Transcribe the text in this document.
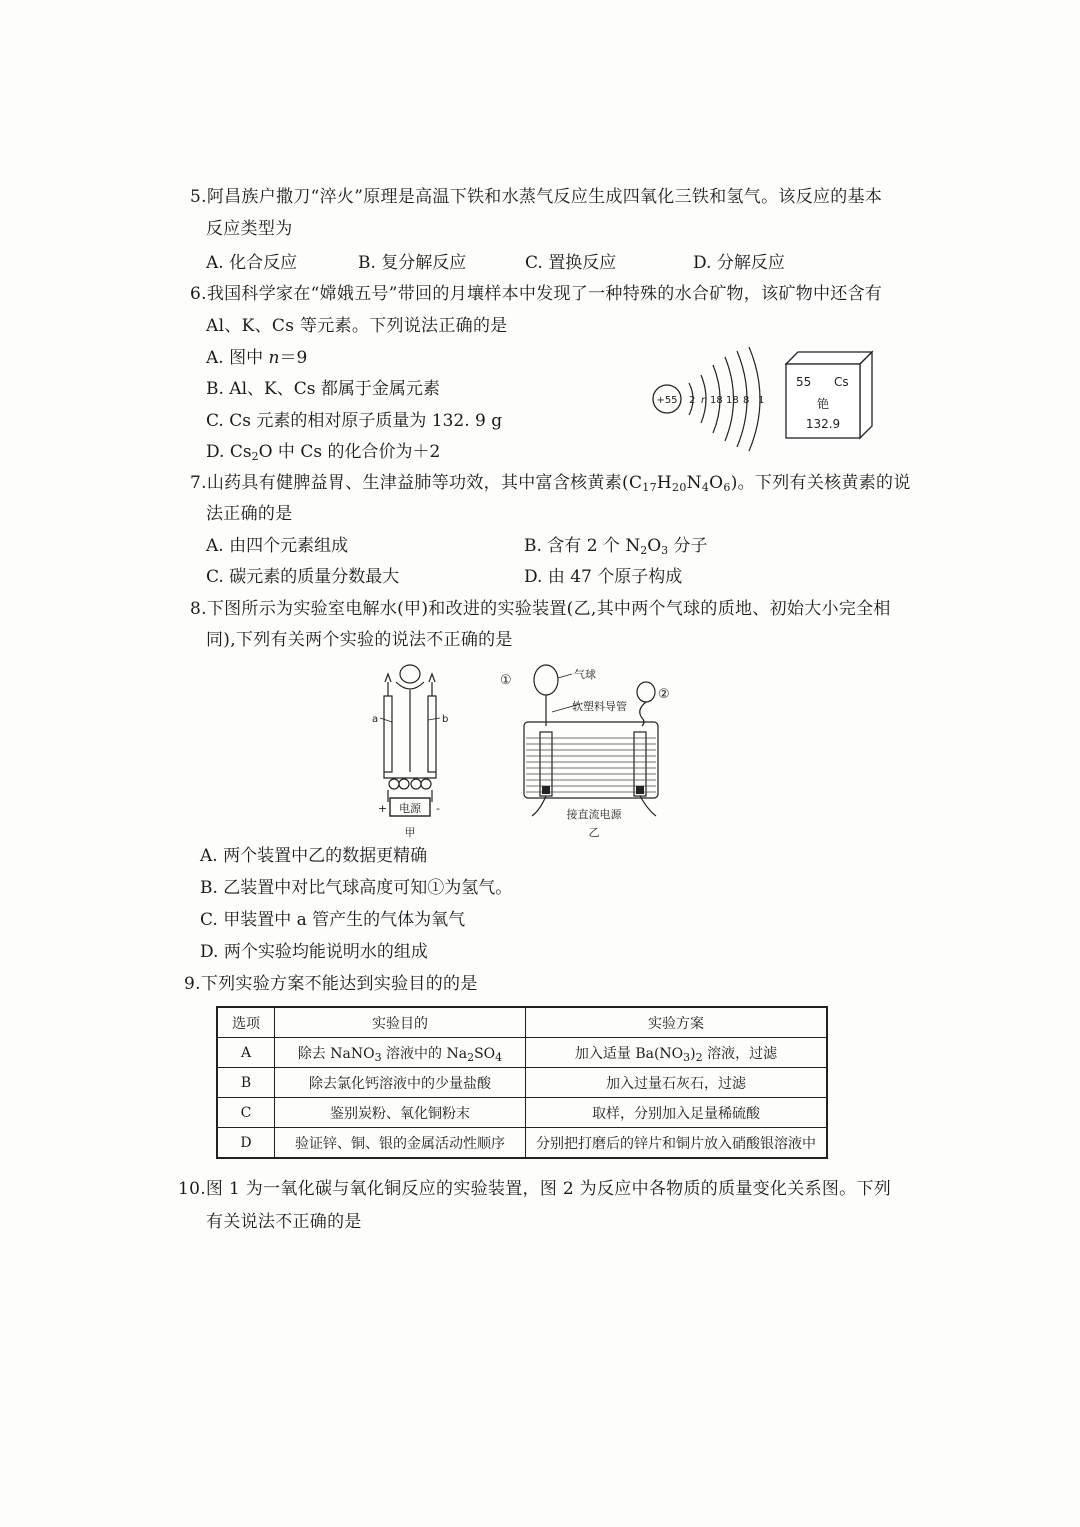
5.阿昌族户撒刀“淬火”原理是高温下铁和水蒸气反应生成四氧化三铁和氢气。该反应的基本
反应类型为
A. 化合反应	B. 复分解反应	C. 置换反应	D. 分解反应
6.我国科学家在“嫦娥五号”带回的月壤样本中发现了一种特殊的水合矿物，该矿物中还含有
Al、K、Cs 等元素。下列说法正确的是
A. 图中 n＝9
B. Al、K、Cs 都属于金属元素
C. Cs 元素的相对原子质量为 132. 9 g
D. $Cs_2O$ 中 Cs 的化合价为＋2
+55 2 n 18 18 8 1
55 Cs
铯
132.9
7.山药具有健脾益胃、生津益肺等功效，其中富含核黄素$(C_{17}H_{20}N_4O_6)$。下列有关核黄素的说
法正确的是
A. 由四个元素组成	B. 含有 2 个 $N_2O_3$ 分子
C. 碳元素的质量分数最大	D. 由 47 个原子构成
8.下图所示为实验室电解水(甲)和改进的实验装置(乙,其中两个气球的质地、初始大小完全相
同),下列有关两个实验的说法不正确的是
a	b
+	-
电源
甲
①
②
气球
软塑料导管
接直流电源
乙
A. 两个装置中乙的数据更精确
B. 乙装置中对比气球高度可知①为氢气。
C. 甲装置中 a 管产生的气体为氧气
D. 两个实验均能说明水的组成
9.下列实验方案不能达到实验目的的是
选项	实验目的	实验方案
A	除去 NaNO$_3$ 溶液中的 $Na_2SO_4$	加入适量 $Ba(NO_3)_2$ 溶液，过滤
B	除去氯化钙溶液中的少量盐酸	加入过量石灰石，过滤
C	鉴别炭粉、氧化铜粉末	取样，分别加入足量稀硫酸
D	验证锌、铜、银的金属活动性顺序	分别把打磨后的锌片和铜片放入硝酸银溶液中
10.图 1 为一氧化碳与氧化铜反应的实验装置，图 2 为反应中各物质的质量变化关系图。下列
有关说法不正确的是
